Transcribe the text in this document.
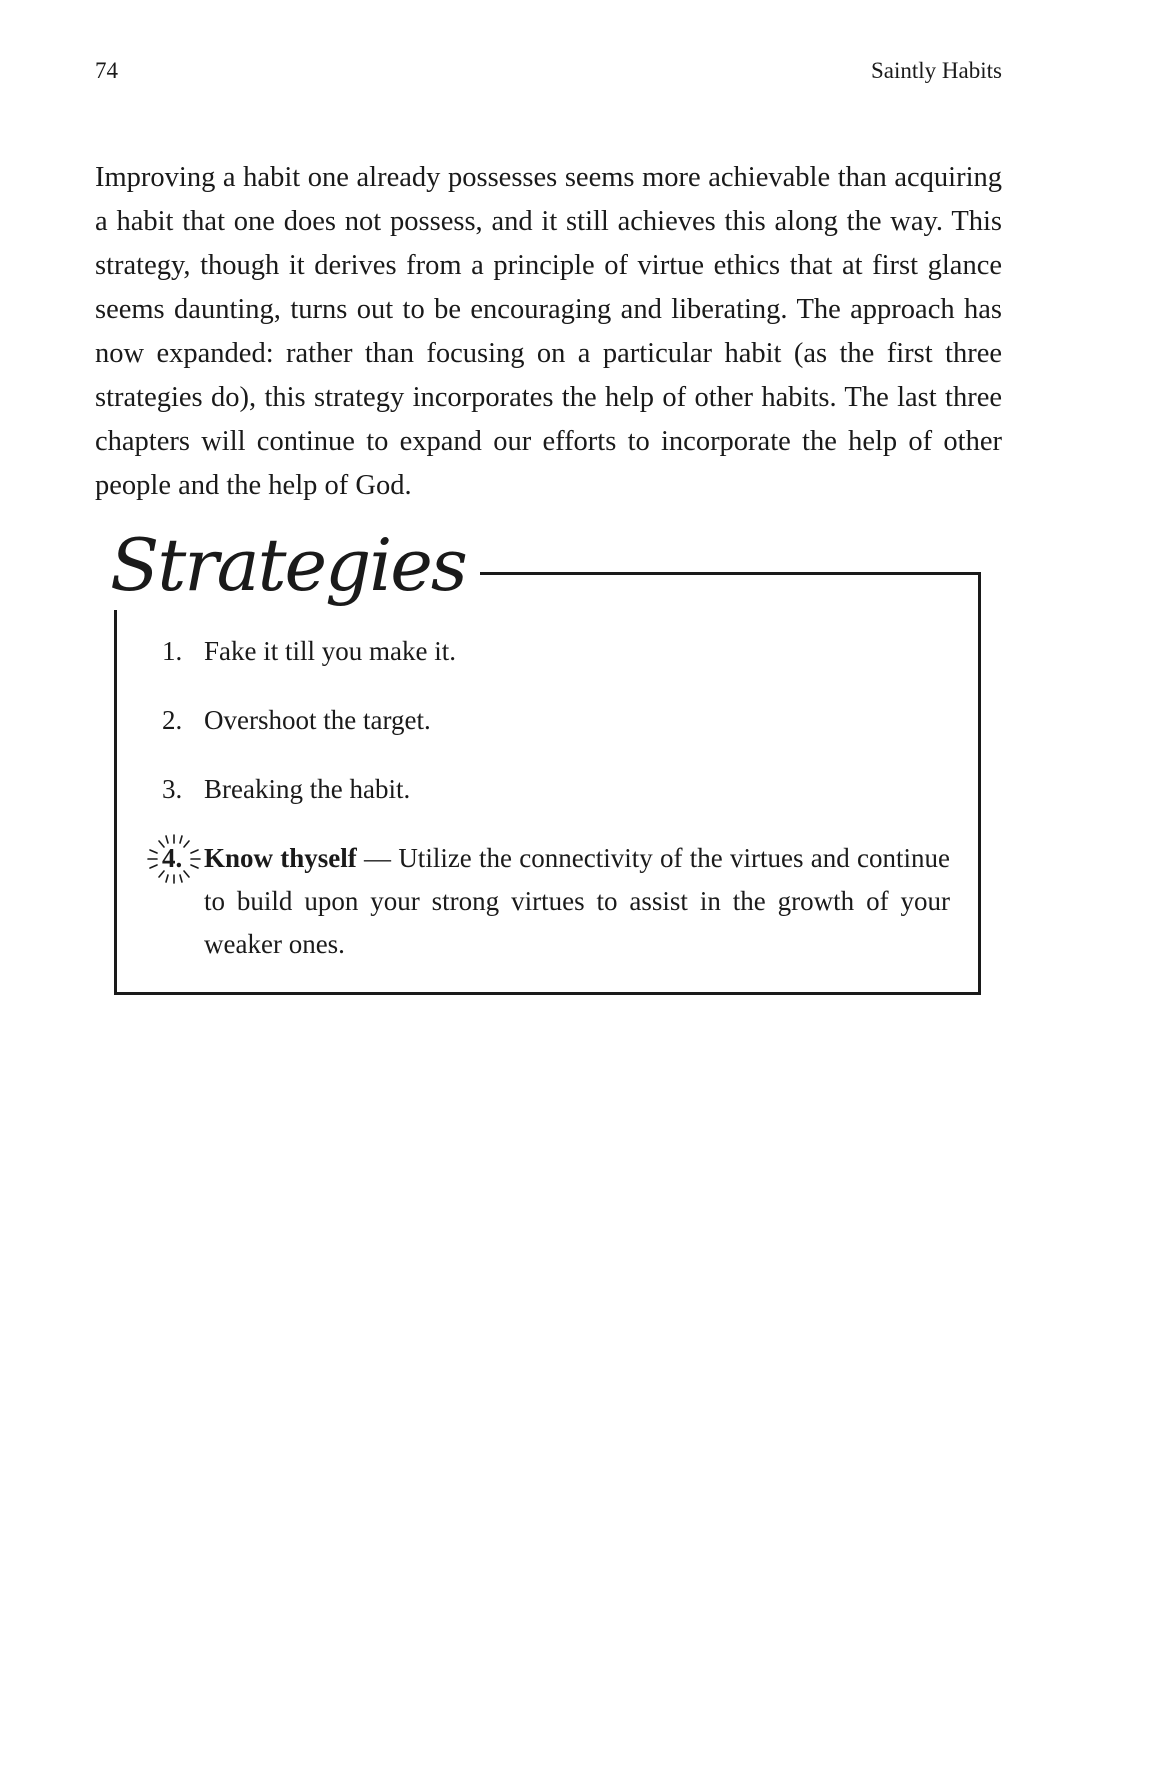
74	Saintly Habits

Improving a habit one already possesses seems more achievable than acquiring a habit that one does not possess, and it still achieves this along the way. This strategy, though it derives from a principle of virtue ethics that at first glance seems daunting, turns out to be encouraging and liberating. The approach has now expanded: rather than focusing on a particular habit (as the first three strategies do), this strategy incorporates the help of other habits. The last three chapters will continue to expand our efforts to incorporate the help of other people and the help of God.

Strategies
1. Fake it till you make it.
2. Overshoot the target.
3. Breaking the habit.
4. Know thyself — Utilize the connectivity of the virtues and continue to build upon your strong virtues to assist in the growth of your weaker ones.
